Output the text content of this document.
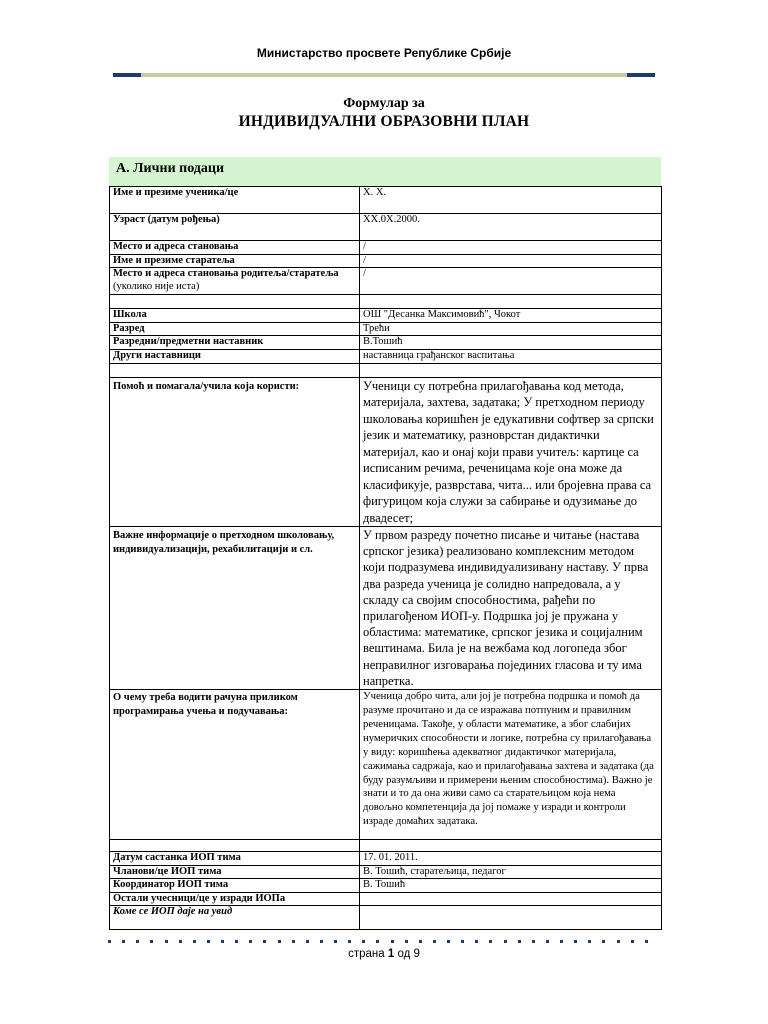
Министарство просвете Републике Србије
Формулар за
ИНДИВИДУАЛНИ ОБРАЗОВНИ ПЛАН
А. Лични подаци
Име и презиме ученика/це	Х. Х.
Узраст (датум рођења)	ХХ.0Х.2000.
Место и адреса становања	/
Име и презиме старатеља	/
Место и адреса становања родитеља/старатеља (уколико није иста)	/

Школа	ОШ "Десанка Максимовић", Чокот
Разред	Трећи
Разредни/предметни наставник	В.Тошић
Други наставници	наставница грађанског васпитања

Помоћ и помагала/учила која користи:	Ученици су потребна прилагођавања код метода, материјала, захтева, задатака; У претходном периоду школовања коришћен је едукативни софтвер за српски језик и математику, разноврстан дидактички материјал, као и онај који прави учитељ: картице са исписаним речима, реченицама које она може да класификује, разврстава, чита... или бројевна права са фигурицом која служи за сабирање и одузимање до двадесет;
Важне информације о претходном школовању, индивидуализацији, рехабилитацији и сл.	У првом разреду почетно писање и читање (настава српског језика) реализовано комплексним методом који подразумева индивидуализивану наставу. У прва два разреда ученица је солидно напредовала, а у складу са својим способностима, рађећи по прилагођеном ИОП-у. Подршка јој је пружана у областима: математике, српског језика и социјалним вештинама. Била је на вежбама код логопеда због неправилног изговарања појединих гласова и ту има напретка.
О чему треба водити рачуна приликом програмирања учења и подучавања:	Ученица добро чита, али јој је потребна подршка и помоћ да разуме прочитано и да се изражава потпуним и правилним реченицама. Такође, у области математике, а због слабијих нумеричких способности и логике, потребна су прилагођавања у виду: коришћења адекватног дидактичког материјала, сажимања садржаја, као и прилагођавања захтева и задатака (да буду разумљиви и примерени њеним способностима). Важно је знати и то да она живи само са старатељицом која нема довољно компетенција да јој помаже у изради и контроли израде домаћих задатака.

Датум састанка ИОП тима	17. 01. 2011.
Чланови/це ИОП тима	В. Тошић, старатељица, педагог
Координатор ИОП тима	В. Тошић
Остали учесници/це у изради ИОПа	
Коме се ИОП даје на увид	
страна 1 од 9
